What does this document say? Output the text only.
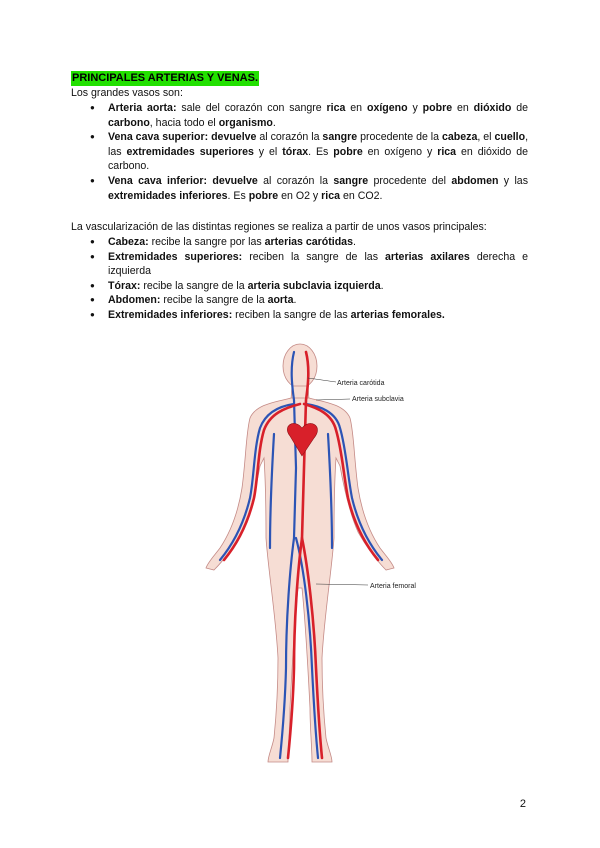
PRINCIPALES ARTERIAS Y VENAS.

Los grandes vasos son:

● Arteria aorta: sale del corazón con sangre rica en oxígeno y pobre en dióxido de carbono, hacia todo el organismo.
● Vena cava superior: devuelve al corazón la sangre procedente de la cabeza, el cuello, las extremidades superiores y el tórax. Es pobre en oxígeno y rica en dióxido de carbono.
● Vena cava inferior: devuelve al corazón la sangre procedente del abdomen y las extremidades inferiores. Es pobre en O2 y rica en CO2.

La vascularización de las distintas regiones se realiza a partir de unos vasos principales:

● Cabeza: recibe la sangre por las arterias carótidas.
● Extremidades superiores: reciben la sangre de las arterias axilares derecha e izquierda
● Tórax: recibe la sangre de la arteria subclavia izquierda.
● Abdomen: recibe la sangre de la aorta.
● Extremidades inferiores: reciben la sangre de las arterias femorales.
Arteria carótida
Arteria subclavia
Arteria femoral
2
